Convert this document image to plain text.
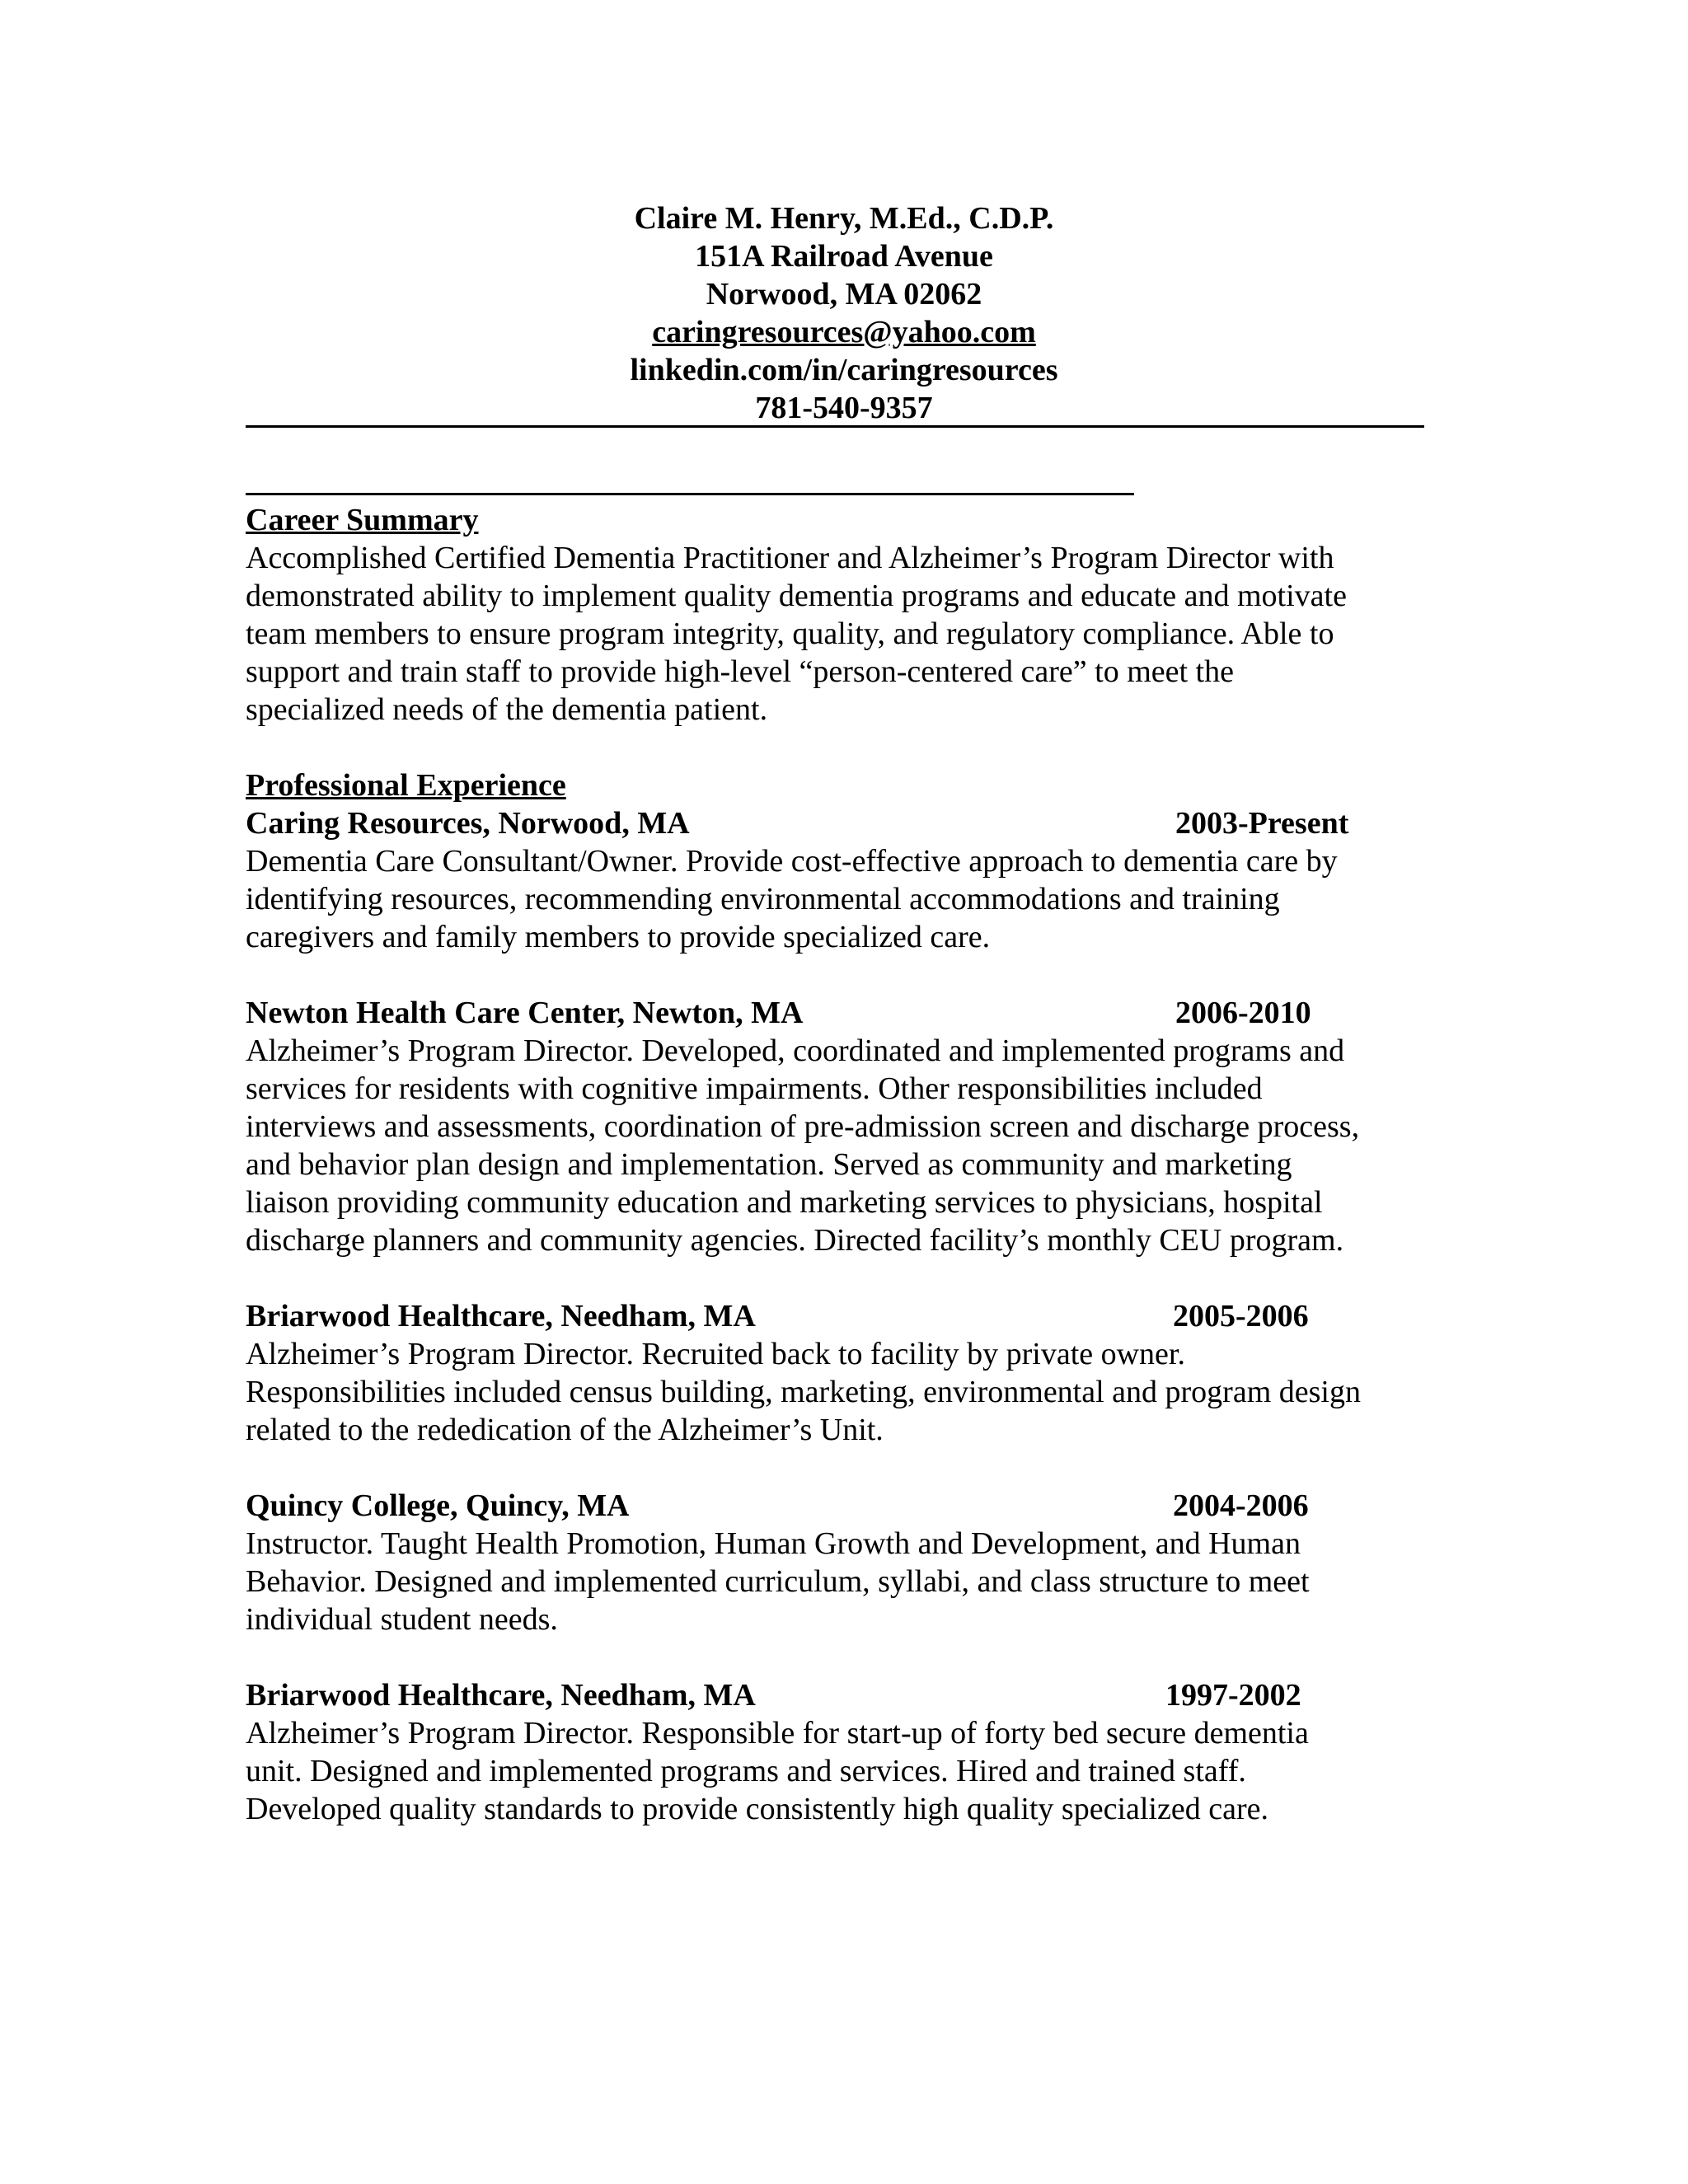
Claire M. Henry, M.Ed., C.D.P.
151A Railroad Avenue
Norwood, MA 02062
caringresources@yahoo.com
linkedin.com/in/caringresources
781-540-9357
Career Summary
Accomplished Certified Dementia Practitioner and Alzheimer’s Program Director with
demonstrated ability to implement quality dementia programs and educate and motivate
team members to ensure program integrity, quality, and regulatory compliance. Able to
support and train staff to provide high-level “person-centered care” to meet the
specialized needs of the dementia patient.
Professional Experience
Caring Resources, Norwood, MA	2003-Present
Dementia Care Consultant/Owner. Provide cost-effective approach to dementia care by
identifying resources, recommending environmental accommodations and training
caregivers and family members to provide specialized care.
Newton Health Care Center, Newton, MA	2006-2010
Alzheimer’s Program Director. Developed, coordinated and implemented programs and
services for residents with cognitive impairments. Other responsibilities included
interviews and assessments, coordination of pre-admission screen and discharge process,
and behavior plan design and implementation. Served as community and marketing
liaison providing community education and marketing services to physicians, hospital
discharge planners and community agencies. Directed facility’s monthly CEU program.
Briarwood Healthcare, Needham, MA	2005-2006
Alzheimer’s Program Director. Recruited back to facility by private owner.
Responsibilities included census building, marketing, environmental and program design
related to the rededication of the Alzheimer’s Unit.
Quincy College, Quincy, MA	2004-2006
Instructor. Taught Health Promotion, Human Growth and Development, and Human
Behavior. Designed and implemented curriculum, syllabi, and class structure to meet
individual student needs.
Briarwood Healthcare, Needham, MA	1997-2002
Alzheimer’s Program Director. Responsible for start-up of forty bed secure dementia
unit. Designed and implemented programs and services. Hired and trained staff.
Developed quality standards to provide consistently high quality specialized care.
